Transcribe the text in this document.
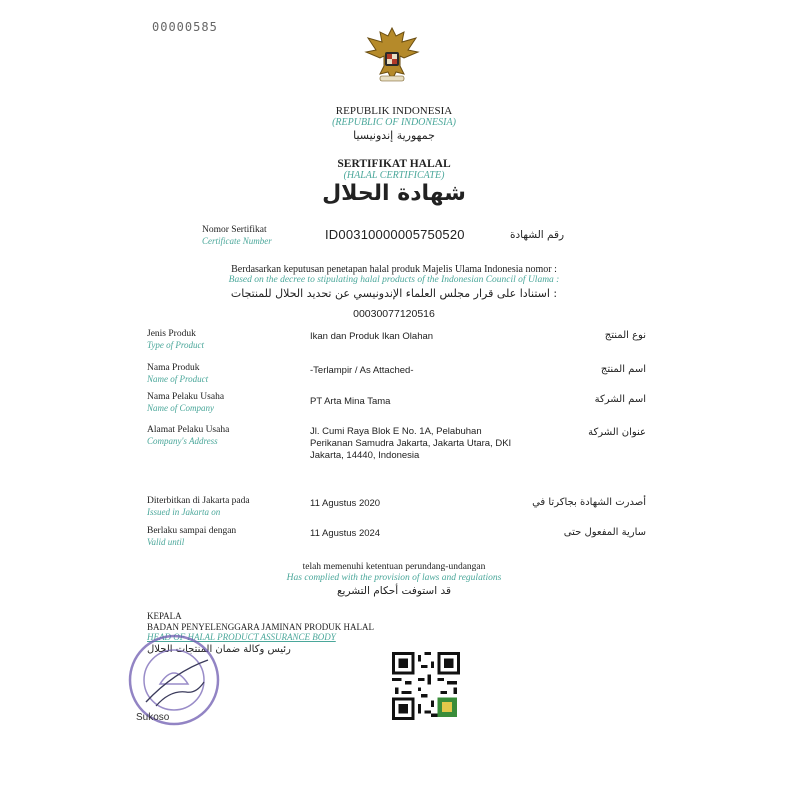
00000585
REPUBLIK INDONESIA
(REPUBLIC OF INDONESIA)
جمهورية إندونيسيا
SERTIFIKAT HALAL
(HALAL CERTIFICATE)
شهادة الحلال
Nomor Sertifikat
Certificate Number	ID00310000005750520	رقم الشهادة
Berdasarkan keputusan penetapan halal produk Majelis Ulama Indonesia nomor :
Based on the decree to stipulating halal products of the Indonesian Council of Ulama :
استنادا على قرار مجلس العلماء الإندونيسي عن تحديد الحلال للمنتجات :
00030077120516
Jenis Produk
Type of Product
Ikan dan Produk Ikan Olahan	نوع المنتج
Nama Produk
Name of Product
-Terlampir / As Attached-	اسم المنتج
Nama Pelaku Usaha
Name of Company
PT Arta Mina Tama	اسم الشركة
Alamat Pelaku Usaha
Company's Address
Jl. Cumi Raya Blok E No. 1A, Pelabuhan
Perikanan Samudra Jakarta, Jakarta Utara, DKI
Jakarta, 14440, Indonesia
عنوان الشركة
Diterbitkan di Jakarta pada
Issued in Jakarta on
11 Agustus 2020	أصدرت الشهادة بجاكرتا في
Berlaku sampai dengan
Valid until
11 Agustus 2024	سارية المفعول حتى
telah memenuhi ketentuan perundang-undangan
Has complied with the provision of laws and regulations
قد استوفت أحكام التشريع
KEPALA
BADAN PENYELENGGARA JAMINAN PRODUK HALAL
HEAD OF HALAL PRODUCT ASSURANCE BODY
رئيس وكالة ضمان المنتجات الحلال
Sukoso
